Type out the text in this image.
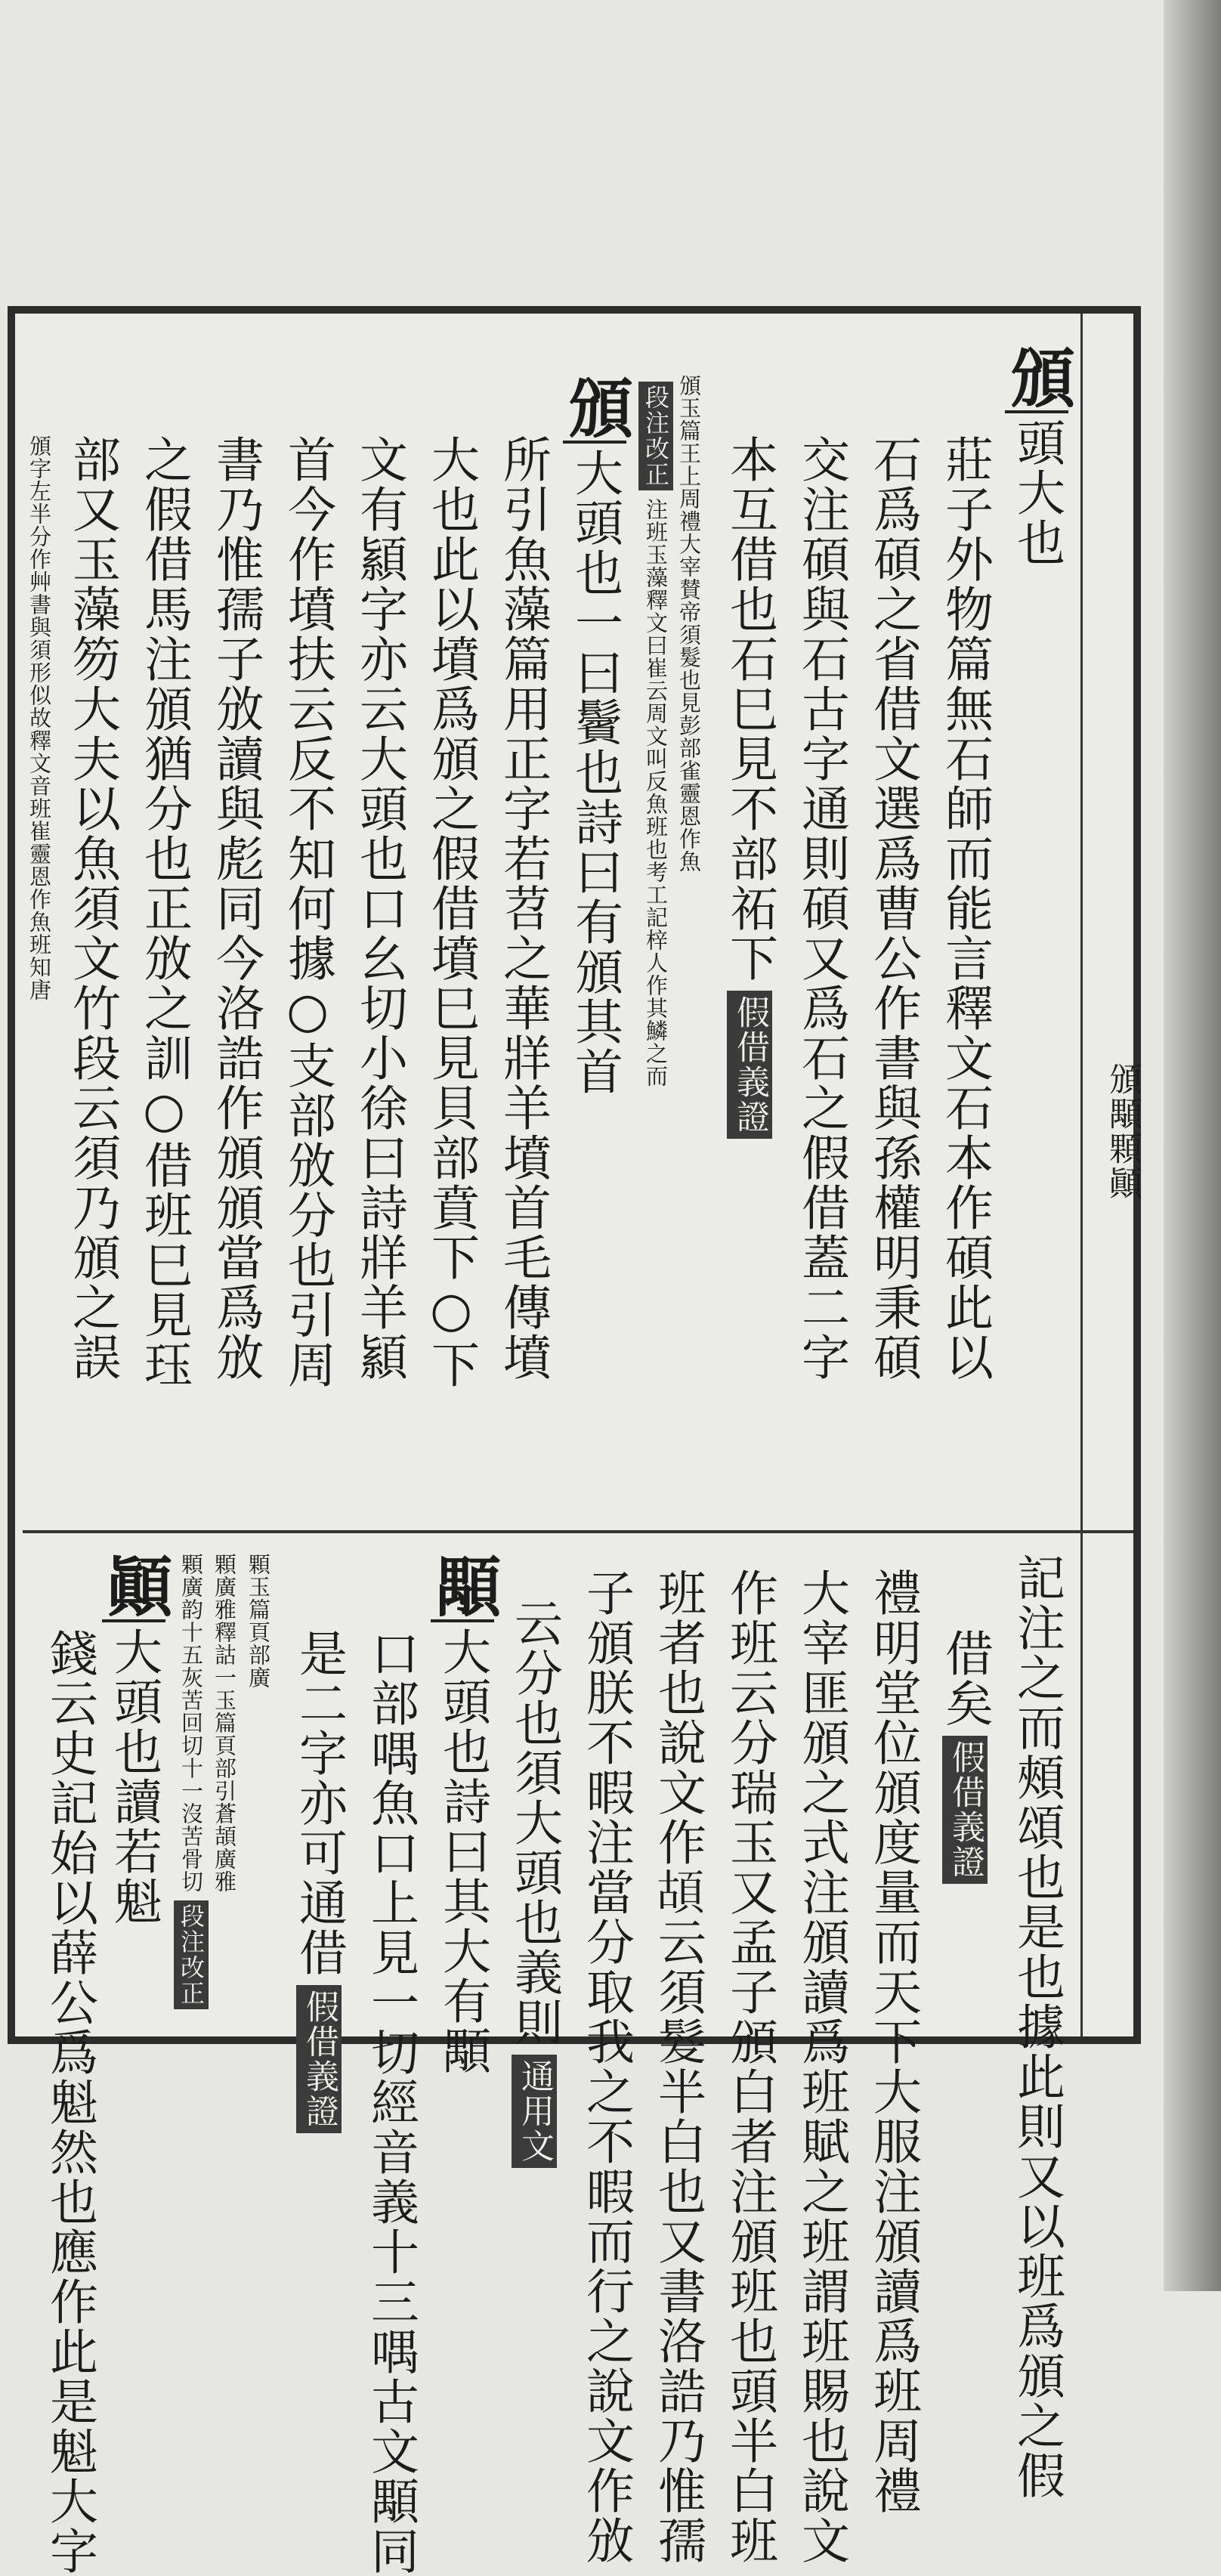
頒顒顆顚
頒頭大也
莊子外物篇無石師而能言釋文石本作碩此以
石爲碩之省借文選爲曹公作書與孫權明秉碩
交注碩與石古字通則碩又爲石之假借蓋二字
本互借也石巳見不部祏下假借義證
頒玉篇王上周禮大宰賛帝須髮也見彭部雀靈恩作魚
段注改正注班玉藻釋文曰崔云周文叫反魚班也考工記梓人作其鱗之而
頒大頭也一曰鬢也詩曰有頒其首
所引魚藻篇用正字若苕之華牂羊墳首毛傳墳
大也此以墳爲頒之假借墳巳見貝部賁下○下
文有顈字亦云大頭也口幺切小徐曰詩牂羊顈
首今作墳扶云反不知何據○支部攽分也引周
書乃惟孺子攽讀與彪同今洛誥作頒頒當爲攽
之假借馬注頒猶分也正攽之訓○借班巳見珏
部又玉藻笏大夫以魚須文竹段云須乃頒之誤
頒字左半分作艸書與須形似故釋文音班崔靈恩作魚班知唐
記注之而頰頌也是也據此則又以班爲頒之假
借矣假借義證
禮明堂位頒度量而天下大服注頒讀爲班周禮
大宰匪頒之式注頒讀爲班賦之班謂班賜也說文
作班云分瑞玉又孟子頒白者注頒班也頭半白班
班者也說文作𩑶云須髮半白也又書洛誥乃惟孺
子頒朕不暇注當分取我之不暇而行之說文作攽
云分也須大頭也義則通用文
顒大頭也詩曰其大有顒
口部喁魚口上見一切經音義十三喁古文顒同
是二字亦可通借假借義證
顆玉篇頁部廣
顆廣雅釋詁一玉篇頁部引蒼頡廣雅
顆廣韵十五灰苦回切十一沒苦骨切段注改正
顚大頭也讀若魁
錢云史記始以薛公爲魁然也應作此是魁大字
